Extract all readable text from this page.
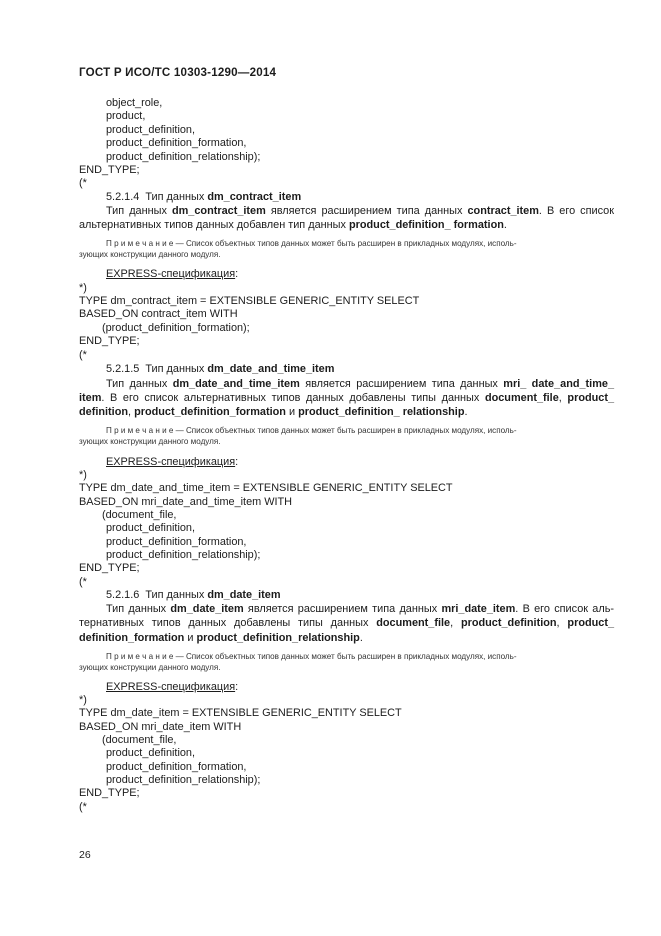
ГОСТ Р ИСО/ТС 10303-1290—2014
object_role,
product,
product_definition,
product_definition_formation,
product_definition_relationship);
END_TYPE;
(*
5.2.1.4 Тип данных dm_contract_item
Тип данных dm_contract_item является расширением типа данных contract_item. В его список
альтернативных типов данных добавлен тип данных product_definition_ formation.
П р и м е ч а н и е — Список объектных типов данных может быть расширен в прикладных модулях, исполь-
зующих конструкции данного модуля.
EXPRESS-спецификация:
*)
TYPE dm_contract_item = EXTENSIBLE GENERIC_ENTITY SELECT
BASED_ON contract_item WITH
(product_definition_formation);
END_TYPE;
(*
5.2.1.5 Тип данных dm_date_and_time_item
Тип данных dm_date_and_time_item является расширением типа данных mri_ date_and_time_
item. В его список альтернативных типов данных добавлены типы данных document_file, product_
definition, product_definition_formation и product_definition_ relationship.
П р и м е ч а н и е — Список объектных типов данных может быть расширен в прикладных модулях, исполь-
зующих конструкции данного модуля.
EXPRESS-спецификация:
*)
TYPE dm_date_and_time_item = EXTENSIBLE GENERIC_ENTITY SELECT
BASED_ON mri_date_and_time_item WITH
(document_file,
product_definition,
product_definition_formation,
product_definition_relationship);
END_TYPE;
(*
5.2.1.6 Тип данных dm_date_item
Тип данных dm_date_item является расширением типа данных mri_date_item. В его список аль-
тернативных типов данных добавлены типы данных document_file, product_definition, product_
definition_formation и product_definition_relationship.
П р и м е ч а н и е — Список объектных типов данных может быть расширен в прикладных модулях, исполь-
зующих конструкции данного модуля.
EXPRESS-спецификация:
*)
TYPE dm_date_item = EXTENSIBLE GENERIC_ENTITY SELECT
BASED_ON mri_date_item WITH
(document_file,
product_definition,
product_definition_formation,
product_definition_relationship);
END_TYPE;
(*
26
